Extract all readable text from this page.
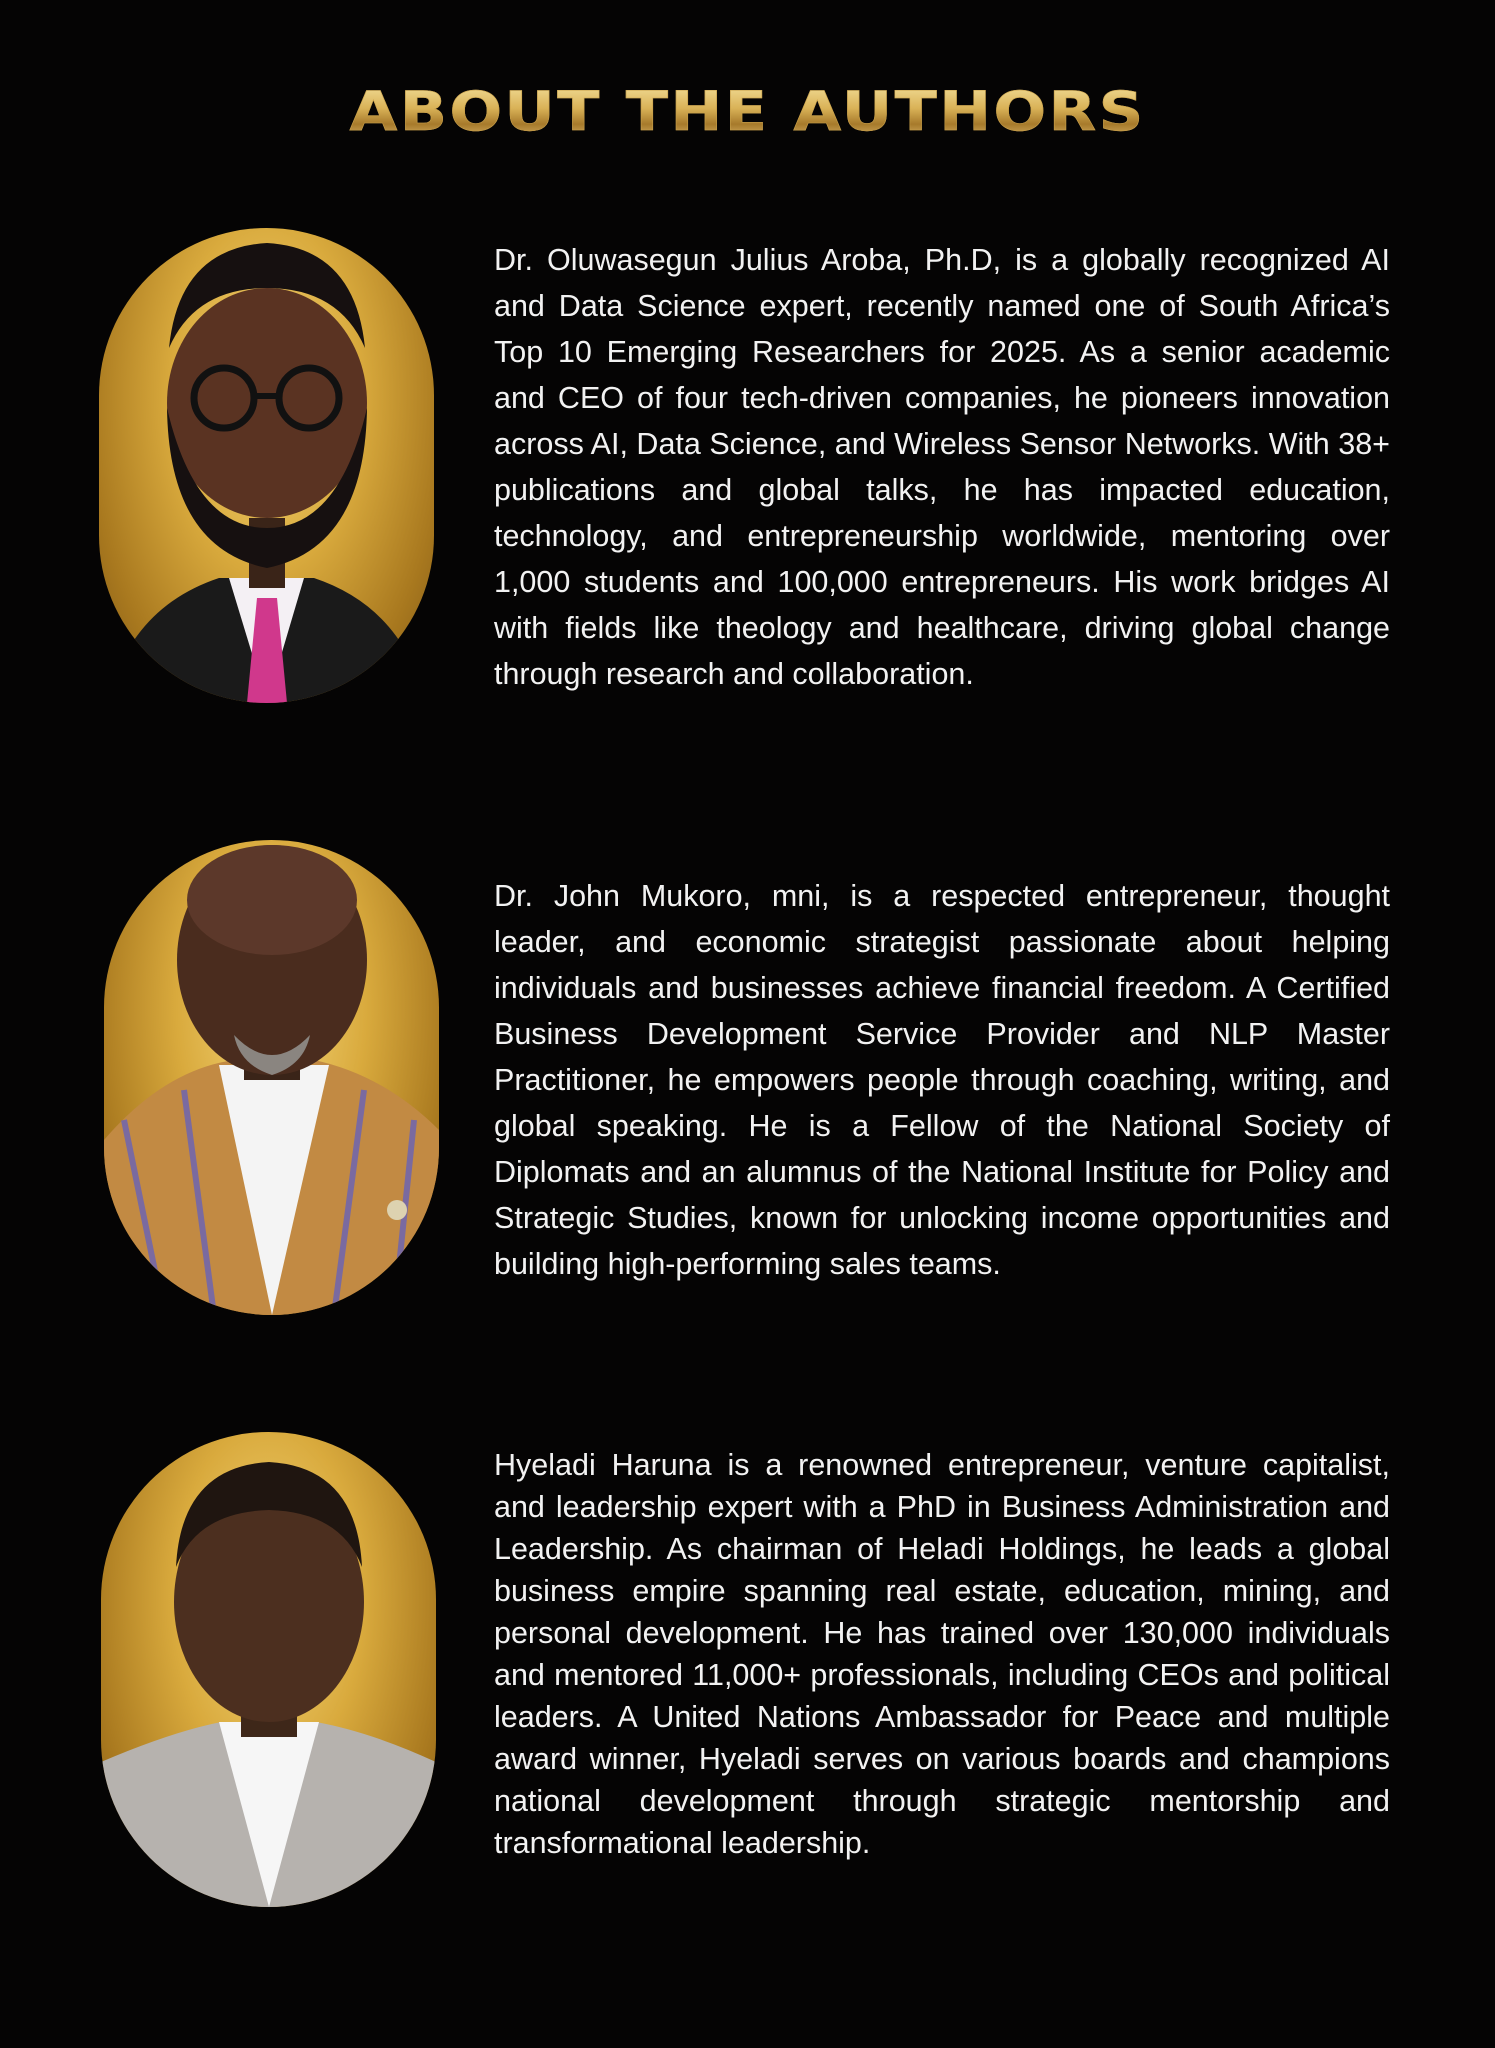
ABOUT THE AUTHORS
Dr. Oluwasegun Julius Aroba, Ph.D, is a globally recognized AI and Data Science expert, recently named one of South Africa’s Top 10 Emerging Researchers for 2025. As a senior academic and CEO of four tech-driven companies, he pioneers innovation across AI, Data Science, and Wireless Sensor Networks. With 38+ publications and global talks, he has impacted education, technology, and entrepreneurship worldwide, mentoring over 1,000 students and 100,000 entrepreneurs. His work bridges AI with fields like theology and healthcare, driving global change through research and collaboration.
Dr. John Mukoro, mni, is a respected entrepreneur, thought leader, and economic strategist passionate about helping individuals and businesses achieve financial freedom. A Certified Business Development Service Provider and NLP Master Practitioner, he empowers people through coaching, writing, and global speaking. He is a Fellow of the National Society of Diplomats and an alumnus of the National Institute for Policy and Strategic Studies, known for unlocking income opportunities and building high-performing sales teams.
Hyeladi Haruna is a renowned entrepreneur, venture capitalist, and leadership expert with a PhD in Business Administration and Leadership. As chairman of Heladi Holdings, he leads a global business empire spanning real estate, education, mining, and personal development. He has trained over 130,000 individuals and mentored 11,000+ professionals, including CEOs and political leaders. A United Nations Ambassador for Peace and multiple award winner, Hyeladi serves on various boards and champions national development through strategic mentorship and transformational leadership.
